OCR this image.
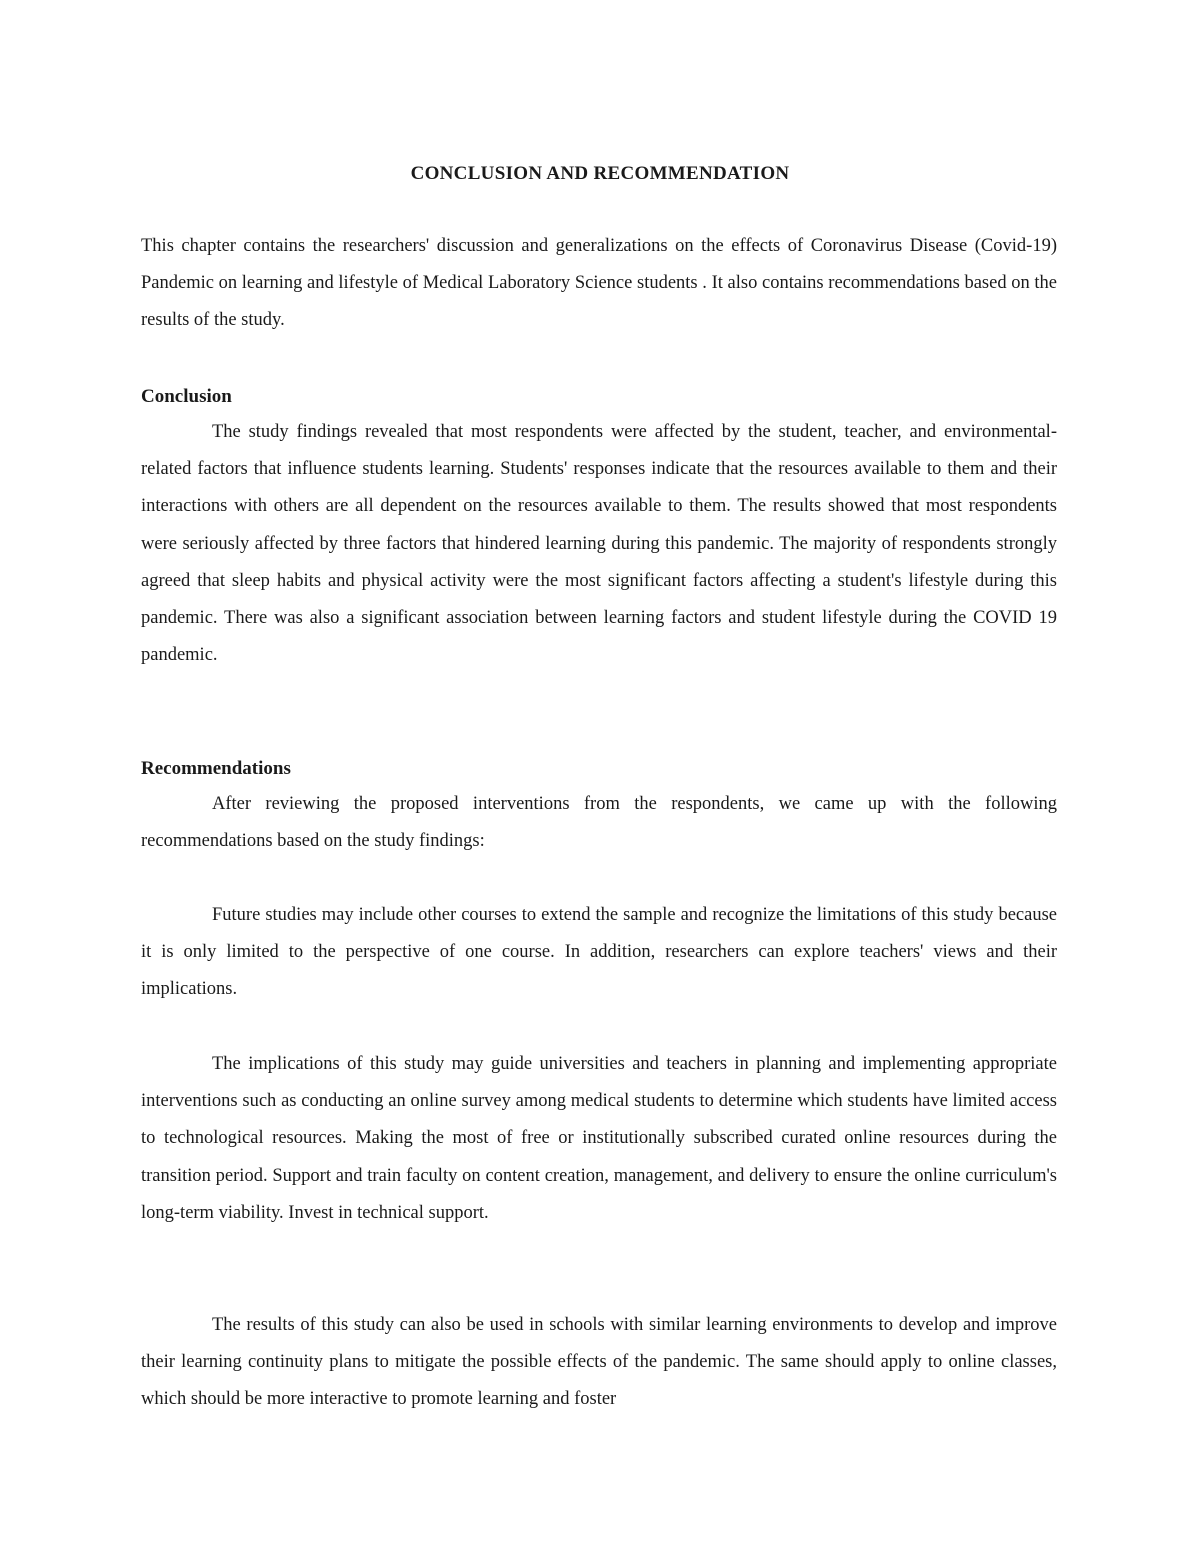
CONCLUSION AND RECOMMENDATION

This chapter contains the researchers' discussion and generalizations on the effects of Coronavirus Disease (Covid-19) Pandemic on learning and lifestyle of Medical Laboratory Science students . It also contains recommendations based on the results of the study.

Conclusion

The study findings revealed that most respondents were affected by the student, teacher, and environmental-related factors that influence students learning. Students' responses indicate that the resources available to them and their interactions with others are all dependent on the resources available to them. The results showed that most respondents were seriously affected by three factors that hindered learning during this pandemic. The majority of respondents strongly agreed that sleep habits and physical activity were the most significant factors affecting a student's lifestyle during this pandemic. There was also a significant association between learning factors and student lifestyle during the COVID 19 pandemic.

Recommendations

After reviewing the proposed interventions from the respondents, we came up with the following recommendations based on the study findings:

Future studies may include other courses to extend the sample and recognize the limitations of this study because it is only limited to the perspective of one course. In addition, researchers can explore teachers' views and their implications.

The implications of this study may guide universities and teachers in planning and implementing appropriate interventions such as conducting an online survey among medical students to determine which students have limited access to technological resources. Making the most of free or institutionally subscribed curated online resources during the transition period. Support and train faculty on content creation, management, and delivery to ensure the online curriculum's long-term viability. Invest in technical support.

The results of this study can also be used in schools with similar learning environments to develop and improve their learning continuity plans to mitigate the possible effects of the pandemic. The same should apply to online classes, which should be more interactive to promote learning and foster
